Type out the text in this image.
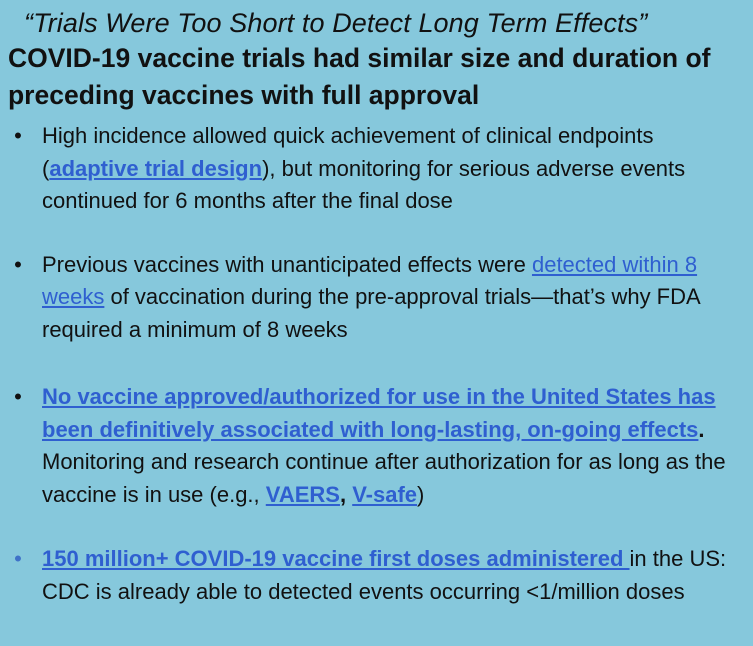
“Trials Were Too Short to Detect Long Term Effects”

COVID-19 vaccine trials had similar size and duration of preceding vaccines with full approval

• High incidence allowed quick achievement of clinical endpoints (adaptive trial design), but monitoring for serious adverse events continued for 6 months after the final dose
• Previous vaccines with unanticipated effects were detected within 8 weeks of vaccination during the pre-approval trials—that’s why FDA required a minimum of 8 weeks
• No vaccine approved/authorized for use in the United States has been definitively associated with long-lasting, on-going effects. Monitoring and research continue after authorization for as long as the vaccine is in use (e.g., VAERS, V-safe)
• 150 million+ COVID-19 vaccine first doses administered in the US: CDC is already able to detected events occurring <1/million doses
